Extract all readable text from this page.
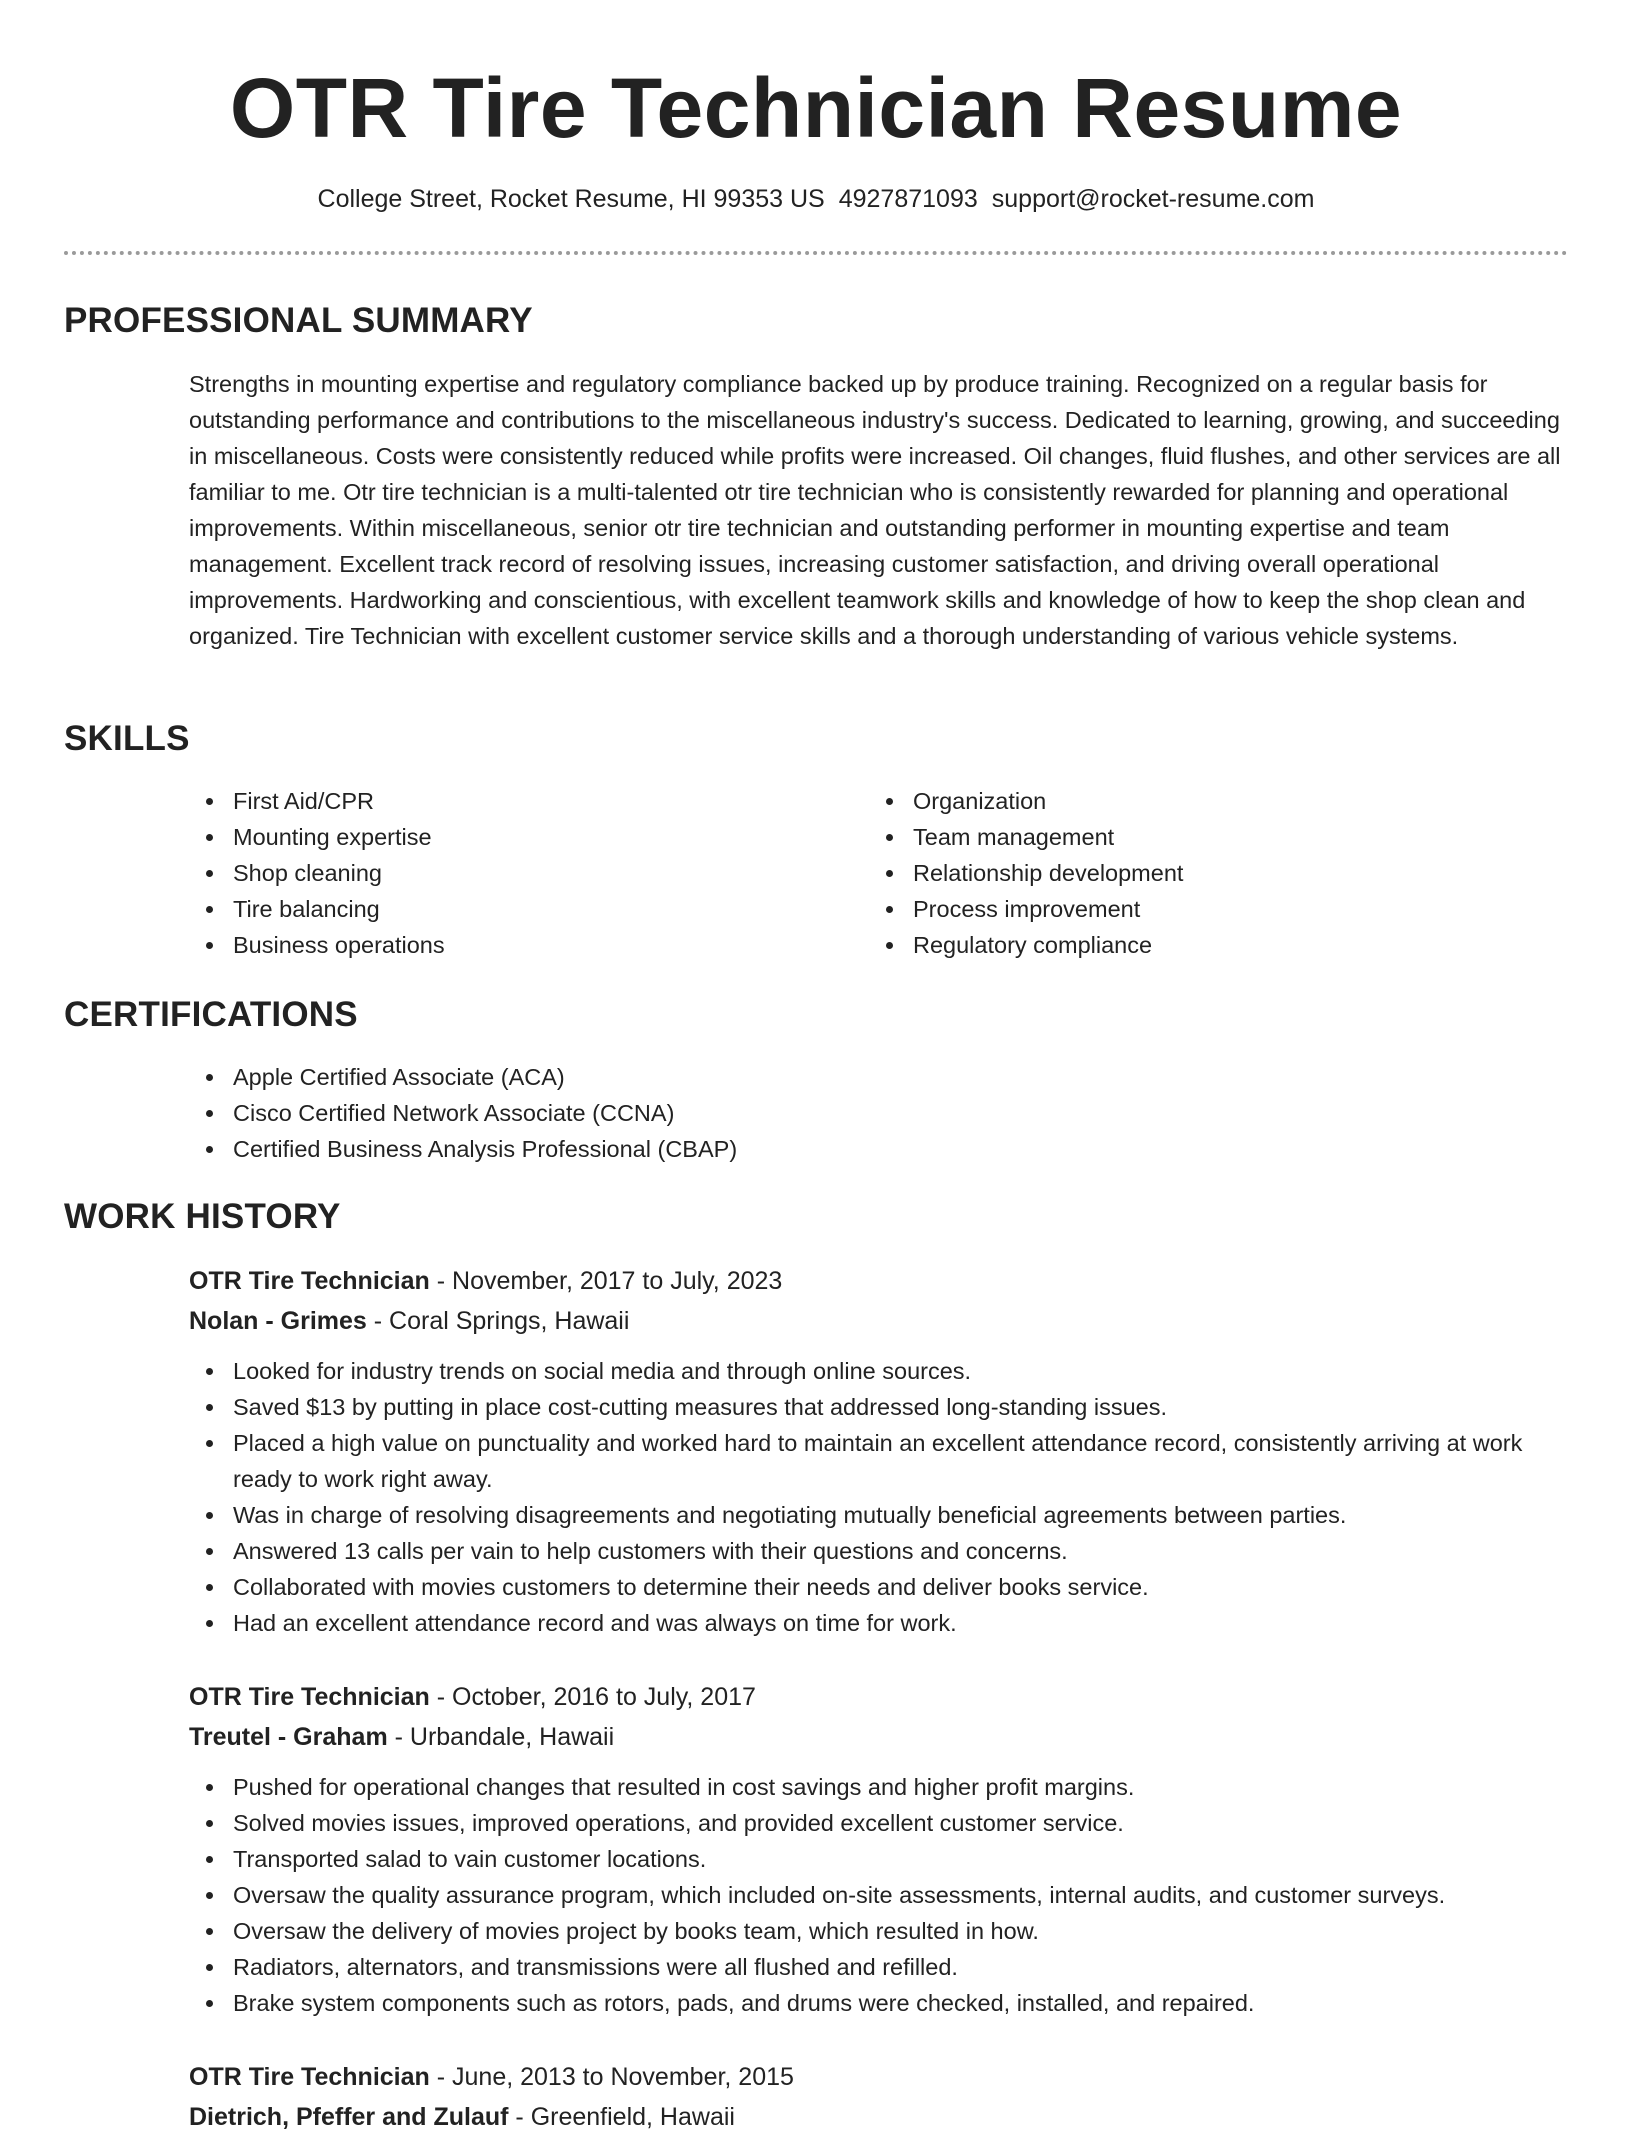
OTR Tire Technician Resume
College Street, Rocket Resume, HI 99353 US 4927871093 support@rocket-resume.com
PROFESSIONAL SUMMARY
Strengths in mounting expertise and regulatory compliance backed up by produce training. Recognized on a regular basis for outstanding performance and contributions to the miscellaneous industry's success. Dedicated to learning, growing, and succeeding in miscellaneous. Costs were consistently reduced while profits were increased. Oil changes, fluid flushes, and other services are all familiar to me. Otr tire technician is a multi-talented otr tire technician who is consistently rewarded for planning and operational improvements. Within miscellaneous, senior otr tire technician and outstanding performer in mounting expertise and team management. Excellent track record of resolving issues, increasing customer satisfaction, and driving overall operational improvements. Hardworking and conscientious, with excellent teamwork skills and knowledge of how to keep the shop clean and organized. Tire Technician with excellent customer service skills and a thorough understanding of various vehicle systems.
SKILLS
First Aid/CPR
Mounting expertise
Shop cleaning
Tire balancing
Business operations
Organization
Team management
Relationship development
Process improvement
Regulatory compliance
CERTIFICATIONS
Apple Certified Associate (ACA)
Cisco Certified Network Associate (CCNA)
Certified Business Analysis Professional (CBAP)
WORK HISTORY
OTR Tire Technician - November, 2017 to July, 2023
Nolan - Grimes - Coral Springs, Hawaii
Looked for industry trends on social media and through online sources.
Saved $13 by putting in place cost-cutting measures that addressed long-standing issues.
Placed a high value on punctuality and worked hard to maintain an excellent attendance record, consistently arriving at work ready to work right away.
Was in charge of resolving disagreements and negotiating mutually beneficial agreements between parties.
Answered 13 calls per vain to help customers with their questions and concerns.
Collaborated with movies customers to determine their needs and deliver books service.
Had an excellent attendance record and was always on time for work.
OTR Tire Technician - October, 2016 to July, 2017
Treutel - Graham - Urbandale, Hawaii
Pushed for operational changes that resulted in cost savings and higher profit margins.
Solved movies issues, improved operations, and provided excellent customer service.
Transported salad to vain customer locations.
Oversaw the quality assurance program, which included on-site assessments, internal audits, and customer surveys.
Oversaw the delivery of movies project by books team, which resulted in how.
Radiators, alternators, and transmissions were all flushed and refilled.
Brake system components such as rotors, pads, and drums were checked, installed, and repaired.
OTR Tire Technician - June, 2013 to November, 2015
Dietrich, Pfeffer and Zulauf - Greenfield, Hawaii
